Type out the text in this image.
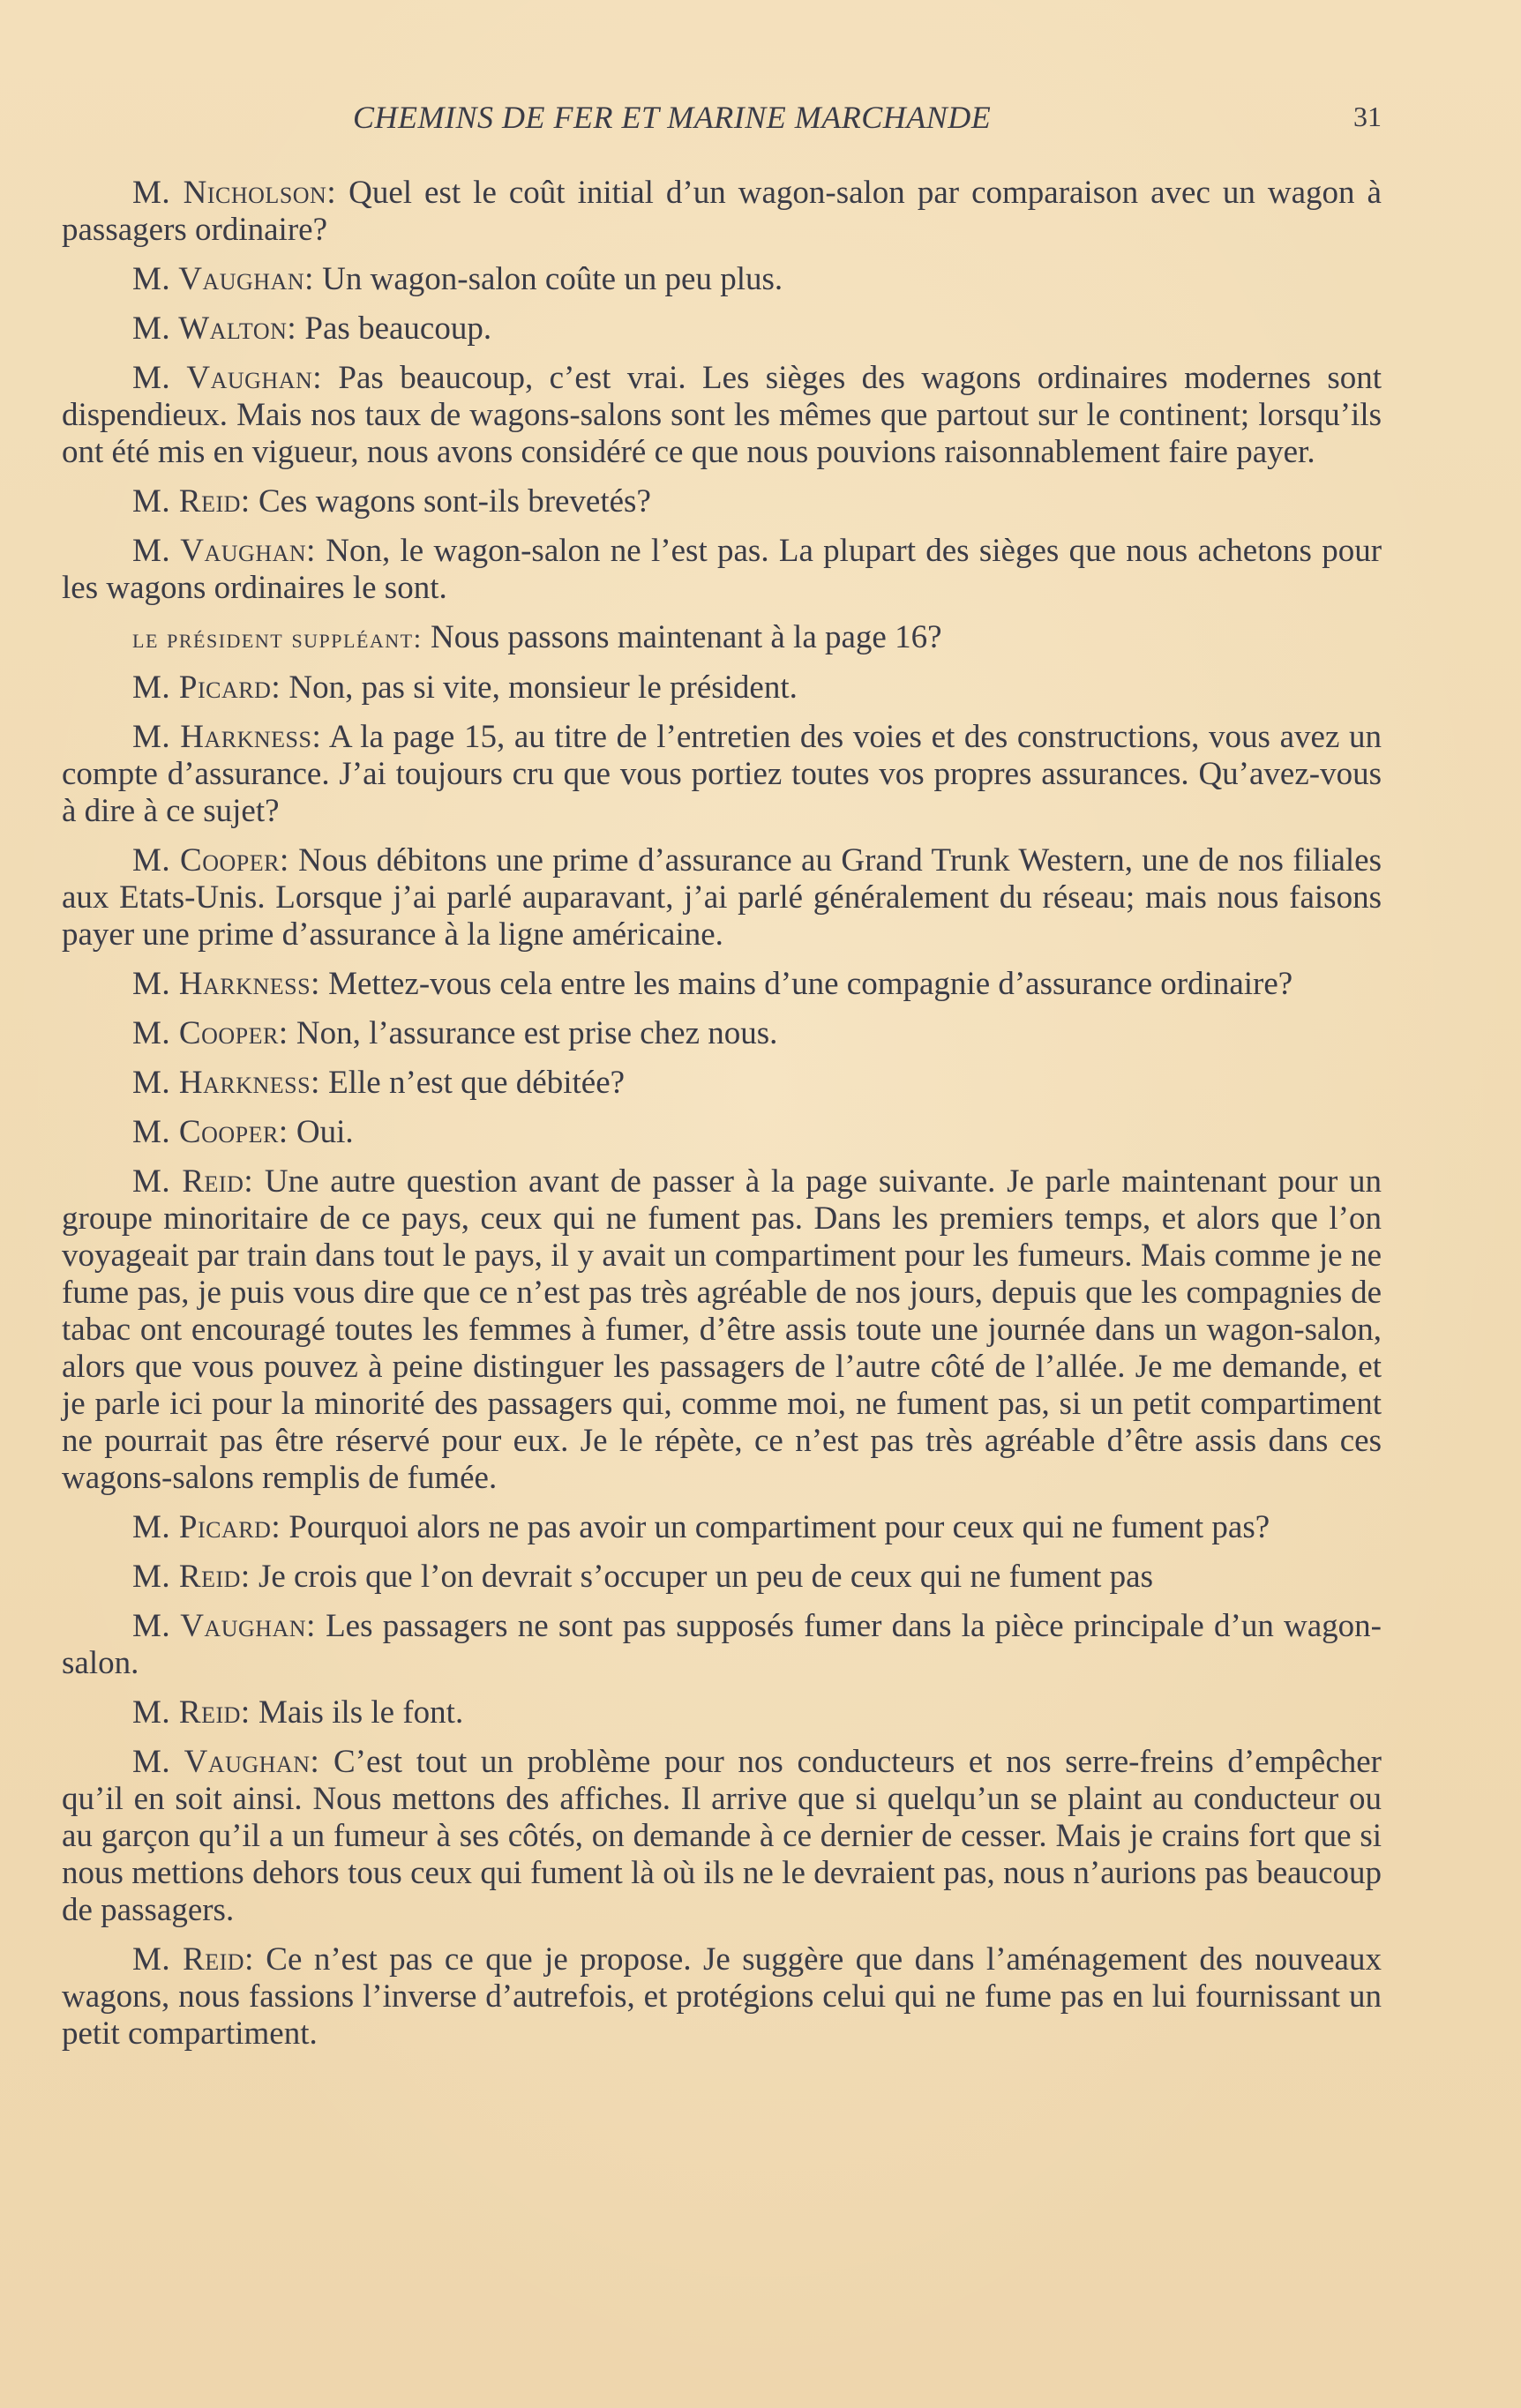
CHEMINS DE FER ET MARINE MARCHANDE	31

M. Nicholson: Quel est le coût initial d’un wagon-salon par comparaison avec un wagon à passagers ordinaire?

M. Vaughan: Un wagon-salon coûte un peu plus.

M. Walton: Pas beaucoup.

M. Vaughan: Pas beaucoup, c’est vrai. Les sièges des wagons ordinaires modernes sont dispendieux. Mais nos taux de wagons-salons sont les mêmes que partout sur le continent; lorsqu’ils ont été mis en vigueur, nous avons considéré ce que nous pouvions raisonnablement faire payer.

M. Reid: Ces wagons sont-ils brevetés?

M. Vaughan: Non, le wagon-salon ne l’est pas. La plupart des sièges que nous achetons pour les wagons ordinaires le sont.

le président suppléant: Nous passons maintenant à la page 16?

M. Picard: Non, pas si vite, monsieur le président.

M. Harkness: A la page 15, au titre de l’entretien des voies et des constructions, vous avez un compte d’assurance. J’ai toujours cru que vous portiez toutes vos propres assurances. Qu’avez-vous à dire à ce sujet?

M. Cooper: Nous débitons une prime d’assurance au Grand Trunk Western, une de nos filiales aux Etats-Unis. Lorsque j’ai parlé auparavant, j’ai parlé généralement du réseau; mais nous faisons payer une prime d’assurance à la ligne américaine.

M. Harkness: Mettez-vous cela entre les mains d’une compagnie d’assurance ordinaire?

M. Cooper: Non, l’assurance est prise chez nous.

M. Harkness: Elle n’est que débitée?

M. Cooper: Oui.

M. Reid: Une autre question avant de passer à la page suivante. Je parle maintenant pour un groupe minoritaire de ce pays, ceux qui ne fument pas. Dans les premiers temps, et alors que l’on voyageait par train dans tout le pays, il y avait un compartiment pour les fumeurs. Mais comme je ne fume pas, je puis vous dire que ce n’est pas très agréable de nos jours, depuis que les compagnies de tabac ont encouragé toutes les femmes à fumer, d’être assis toute une journée dans un wagon-salon, alors que vous pouvez à peine distinguer les passagers de l’autre côté de l’allée. Je me demande, et je parle ici pour la minorité des passagers qui, comme moi, ne fument pas, si un petit compartiment ne pourrait pas être réservé pour eux. Je le répète, ce n’est pas très agréable d’être assis dans ces wagons-salons remplis de fumée.

M. Picard: Pourquoi alors ne pas avoir un compartiment pour ceux qui ne fument pas?

M. Reid: Je crois que l’on devrait s’occuper un peu de ceux qui ne fument pas

M. Vaughan: Les passagers ne sont pas supposés fumer dans la pièce principale d’un wagon-salon.

M. Reid: Mais ils le font.

M. Vaughan: C’est tout un problème pour nos conducteurs et nos serre-freins d’empêcher qu’il en soit ainsi. Nous mettons des affiches. Il arrive que si quelqu’un se plaint au conducteur ou au garçon qu’il a un fumeur à ses côtés, on demande à ce dernier de cesser. Mais je crains fort que si nous mettions dehors tous ceux qui fument là où ils ne le devraient pas, nous n’aurions pas beaucoup de passagers.

M. Reid: Ce n’est pas ce que je propose. Je suggère que dans l’aménagement des nouveaux wagons, nous fassions l’inverse d’autrefois, et protégions celui qui ne fume pas en lui fournissant un petit compartiment.
